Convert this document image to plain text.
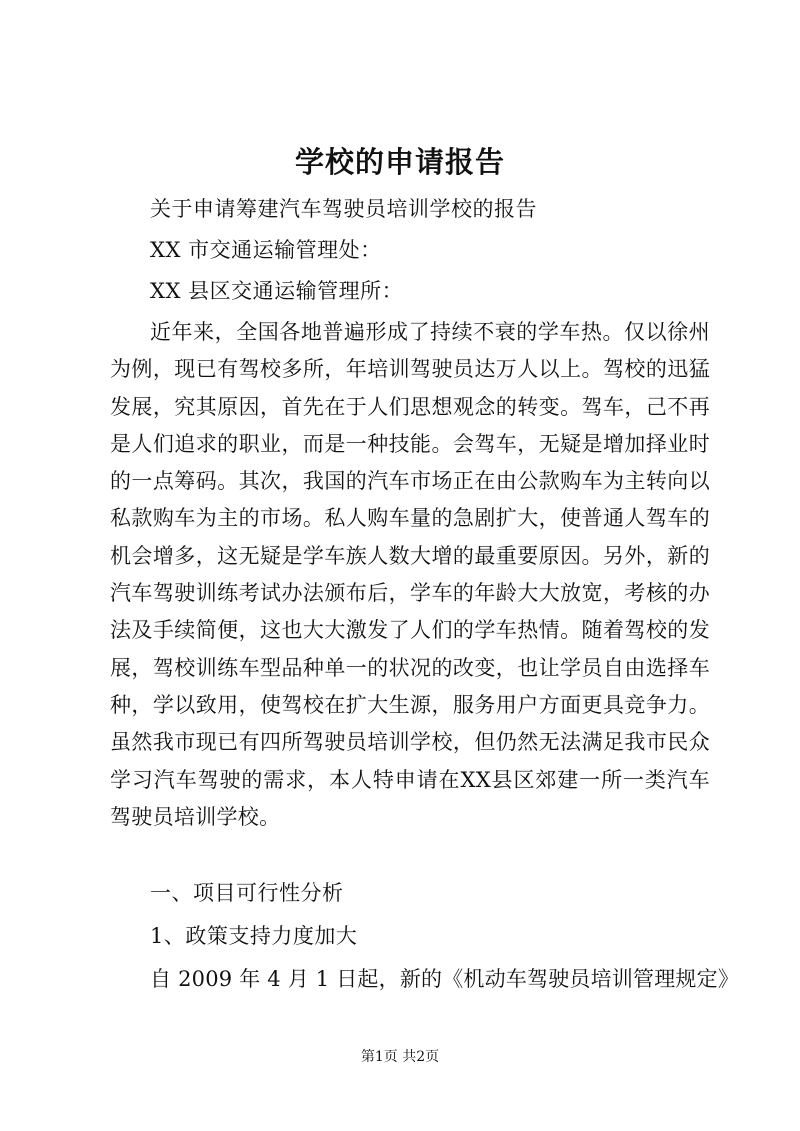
学校的申请报告
关于申请筹建汽车驾驶员培训学校的报告
XX 市交通运输管理处：
XX 县区交通运输管理所：

近年来，全国各地普遍形成了持续不衰的学车热。仅以徐州为例，现已有驾校多所，年培训驾驶员达万人以上。驾校的迅猛发展，究其原因，首先在于人们思想观念的转变。驾车，己不再是人们追求的职业，而是一种技能。会驾车，无疑是增加择业时的一点筹码。其次，我国的汽车市场正在由公款购车为主转向以私款购车为主的市场。私人购车量的急剧扩大，使普通人驾车的机会增多，这无疑是学车族人数大增的最重要原因。另外，新的汽车驾驶训练考试办法颁布后，学车的年龄大大放宽，考核的办法及手续简便，这也大大激发了人们的学车热情。随着驾校的发展，驾校训练车型品种单一的状况的改变，也让学员自由选择车种，学以致用，使驾校在扩大生源，服务用户方面更具竞争力。虽然我市现已有四所驾驶员培训学校，但仍然无法满足我市民众学习汽车驾驶的需求，本人特申请在XX县区郊建一所一类汽车驾驶员培训学校。

一、项目可行性分析
1、政策支持力度加大
自 2009 年 4 月 1 日起，新的《机动车驾驶员培训管理规定》
第1页 共2页
